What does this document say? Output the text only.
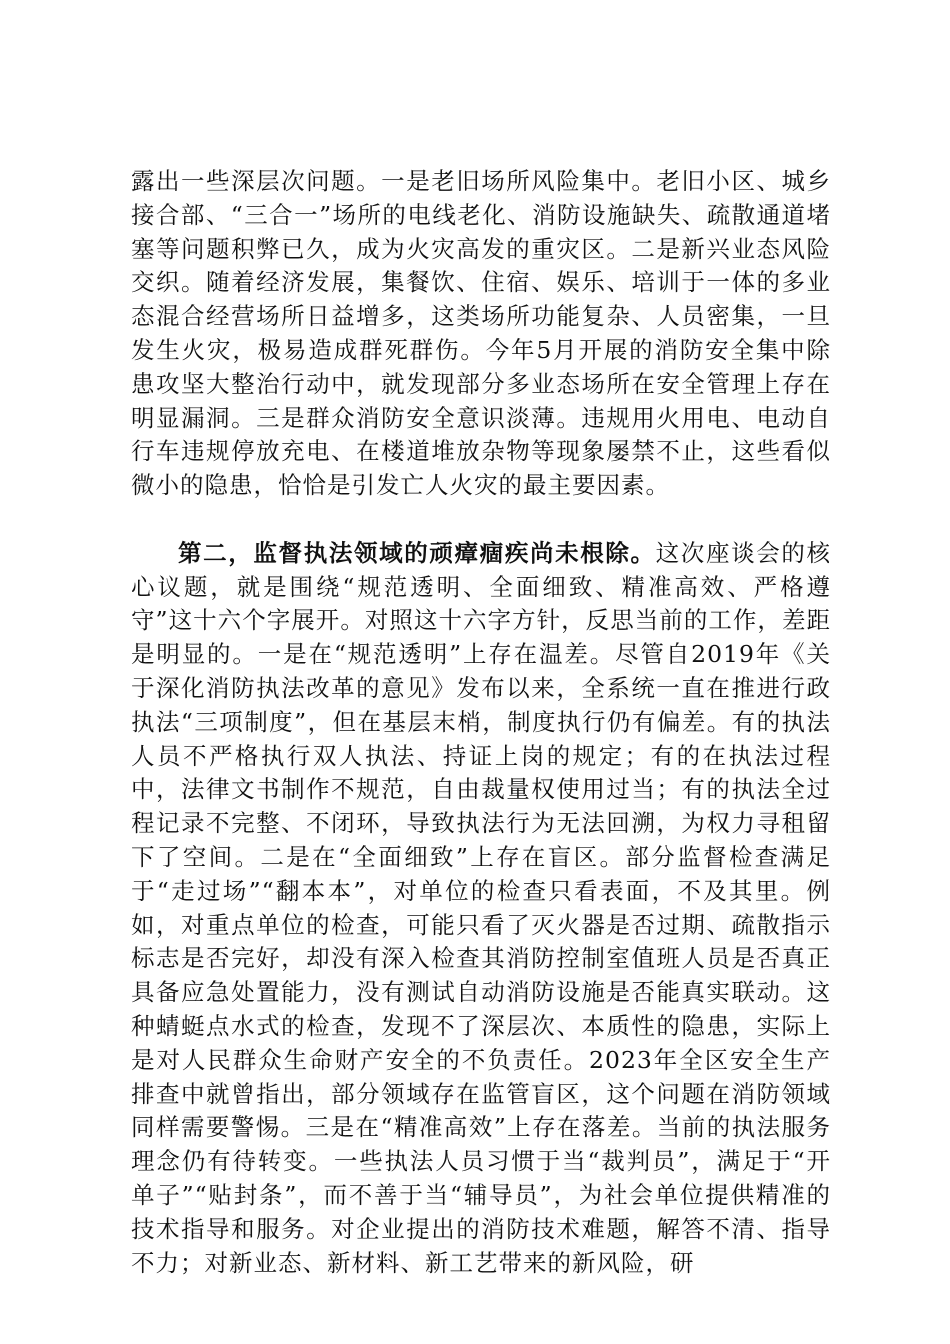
露出一些深层次问题。一是老旧场所风险集中。老旧小区、城乡接合部、“三合一”场所的电线老化、消防设施缺失、疏散通道堵塞等问题积弊已久，成为火灾高发的重灾区。二是新兴业态风险交织。随着经济发展，集餐饮、住宿、娱乐、培训于一体的多业态混合经营场所日益增多，这类场所功能复杂、人员密集，一旦发生火灾，极易造成群死群伤。今年5月开展的消防安全集中除患攻坚大整治行动中，就发现部分多业态场所在安全管理上存在明显漏洞。三是群众消防安全意识淡薄。违规用火用电、电动自行车违规停放充电、在楼道堆放杂物等现象屡禁不止，这些看似微小的隐患，恰恰是引发亡人火灾的最主要因素。

第二，监督执法领域的顽瘴痼疾尚未根除。这次座谈会的核心议题，就是围绕“规范透明、全面细致、精准高效、严格遵守”这十六个字展开。对照这十六字方针，反思当前的工作，差距是明显的。一是在“规范透明”上存在温差。尽管自2019年《关于深化消防执法改革的意见》发布以来，全系统一直在推进行政执法“三项制度”，但在基层末梢，制度执行仍有偏差。有的执法人员不严格执行双人执法、持证上岗的规定；有的在执法过程中，法律文书制作不规范，自由裁量权使用过当；有的执法全过程记录不完整、不闭环，导致执法行为无法回溯，为权力寻租留下了空间。二是在“全面细致”上存在盲区。部分监督检查满足于“走过场”“翻本本”，对单位的检查只看表面，不及其里。例如，对重点单位的检查，可能只看了灭火器是否过期、疏散指示标志是否完好，却没有深入检查其消防控制室值班人员是否真正具备应急处置能力，没有测试自动消防设施是否能真实联动。这种蜻蜓点水式的检查，发现不了深层次、本质性的隐患，实际上是对人民群众生命财产安全的不负责任。2023年全区安全生产排查中就曾指出，部分领域存在监管盲区，这个问题在消防领域同样需要警惕。三是在“精准高效”上存在落差。当前的执法服务理念仍有待转变。一些执法人员习惯于当“裁判员”，满足于“开单子”“贴封条”，而不善于当“辅导员”，为社会单位提供精准的技术指导和服务。对企业提出的消防技术难题，解答不清、指导不力；对新业态、新材料、新工艺带来的新风险，研
